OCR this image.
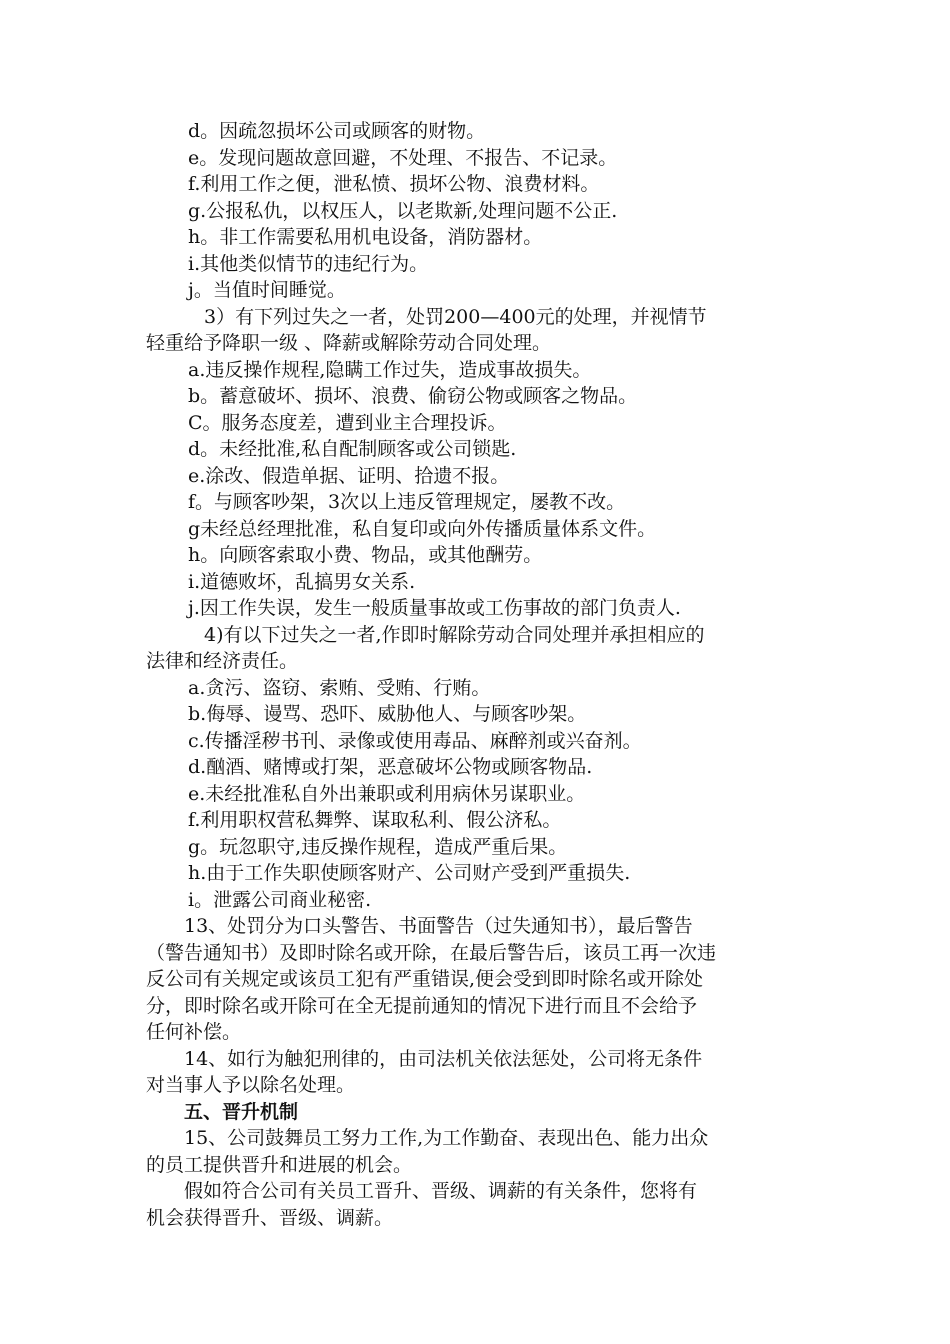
d。因疏忽损坏公司或顾客的财物。

e。发现问题故意回避，不处理、不报告、不记录。

f.利用工作之便，泄私愤、损坏公物、浪费材料。

g.公报私仇，以权压人，以老欺新,处理问题不公正.

h。非工作需要私用机电设备，消防器材。

i.其他类似情节的违纪行为。

j。当值时间睡觉。

3）有下列过失之一者，处罚200—400元的处理，并视情节

轻重给予降职一级 、降薪或解除劳动合同处理。

a.违反操作规程,隐瞒工作过失，造成事故损失。

b。蓄意破坏、损坏、浪费、偷窃公物或顾客之物品。

C。服务态度差，遭到业主合理投诉。

d。未经批准,私自配制顾客或公司锁匙.

e.涂改、假造单据、证明、拾遗不报。

f。与顾客吵架，3次以上违反管理规定，屡教不改。

g未经总经理批准，私自复印或向外传播质量体系文件。

h。向顾客索取小费、物品，或其他酬劳。

i.道德败坏，乱搞男女关系.

j.因工作失误，发生一般质量事故或工伤事故的部门负责人.

4)有以下过失之一者,作即时解除劳动合同处理并承担相应的

法律和经济责任。

a.贪污、盗窃、索贿、受贿、行贿。

b.侮辱、谩骂、恐吓、威胁他人、与顾客吵架。

c.传播淫秽书刊、录像或使用毒品、麻醉剂或兴奋剂。

d.酗酒、赌博或打架，恶意破坏公物或顾客物品.

e.未经批准私自外出兼职或利用病休另谋职业。

f.利用职权营私舞弊、谋取私利、假公济私。

g。玩忽职守,违反操作规程，造成严重后果。

h.由于工作失职使顾客财产、公司财产受到严重损失.

i。泄露公司商业秘密.

13、处罚分为口头警告、书面警告（过失通知书），最后警告

（警告通知书）及即时除名或开除，在最后警告后，该员工再一次违

反公司有关规定或该员工犯有严重错误,便会受到即时除名或开除处

分，即时除名或开除可在全无提前通知的情况下进行而且不会给予

任何补偿。

14、如行为触犯刑律的，由司法机关依法惩处，公司将无条件

对当事人予以除名处理。

五、晋升机制

15、公司鼓舞员工努力工作,为工作勤奋、表现出色、能力出众

的员工提供晋升和进展的机会。

假如符合公司有关员工晋升、晋级、调薪的有关条件，您将有

机会获得晋升、晋级、调薪。
